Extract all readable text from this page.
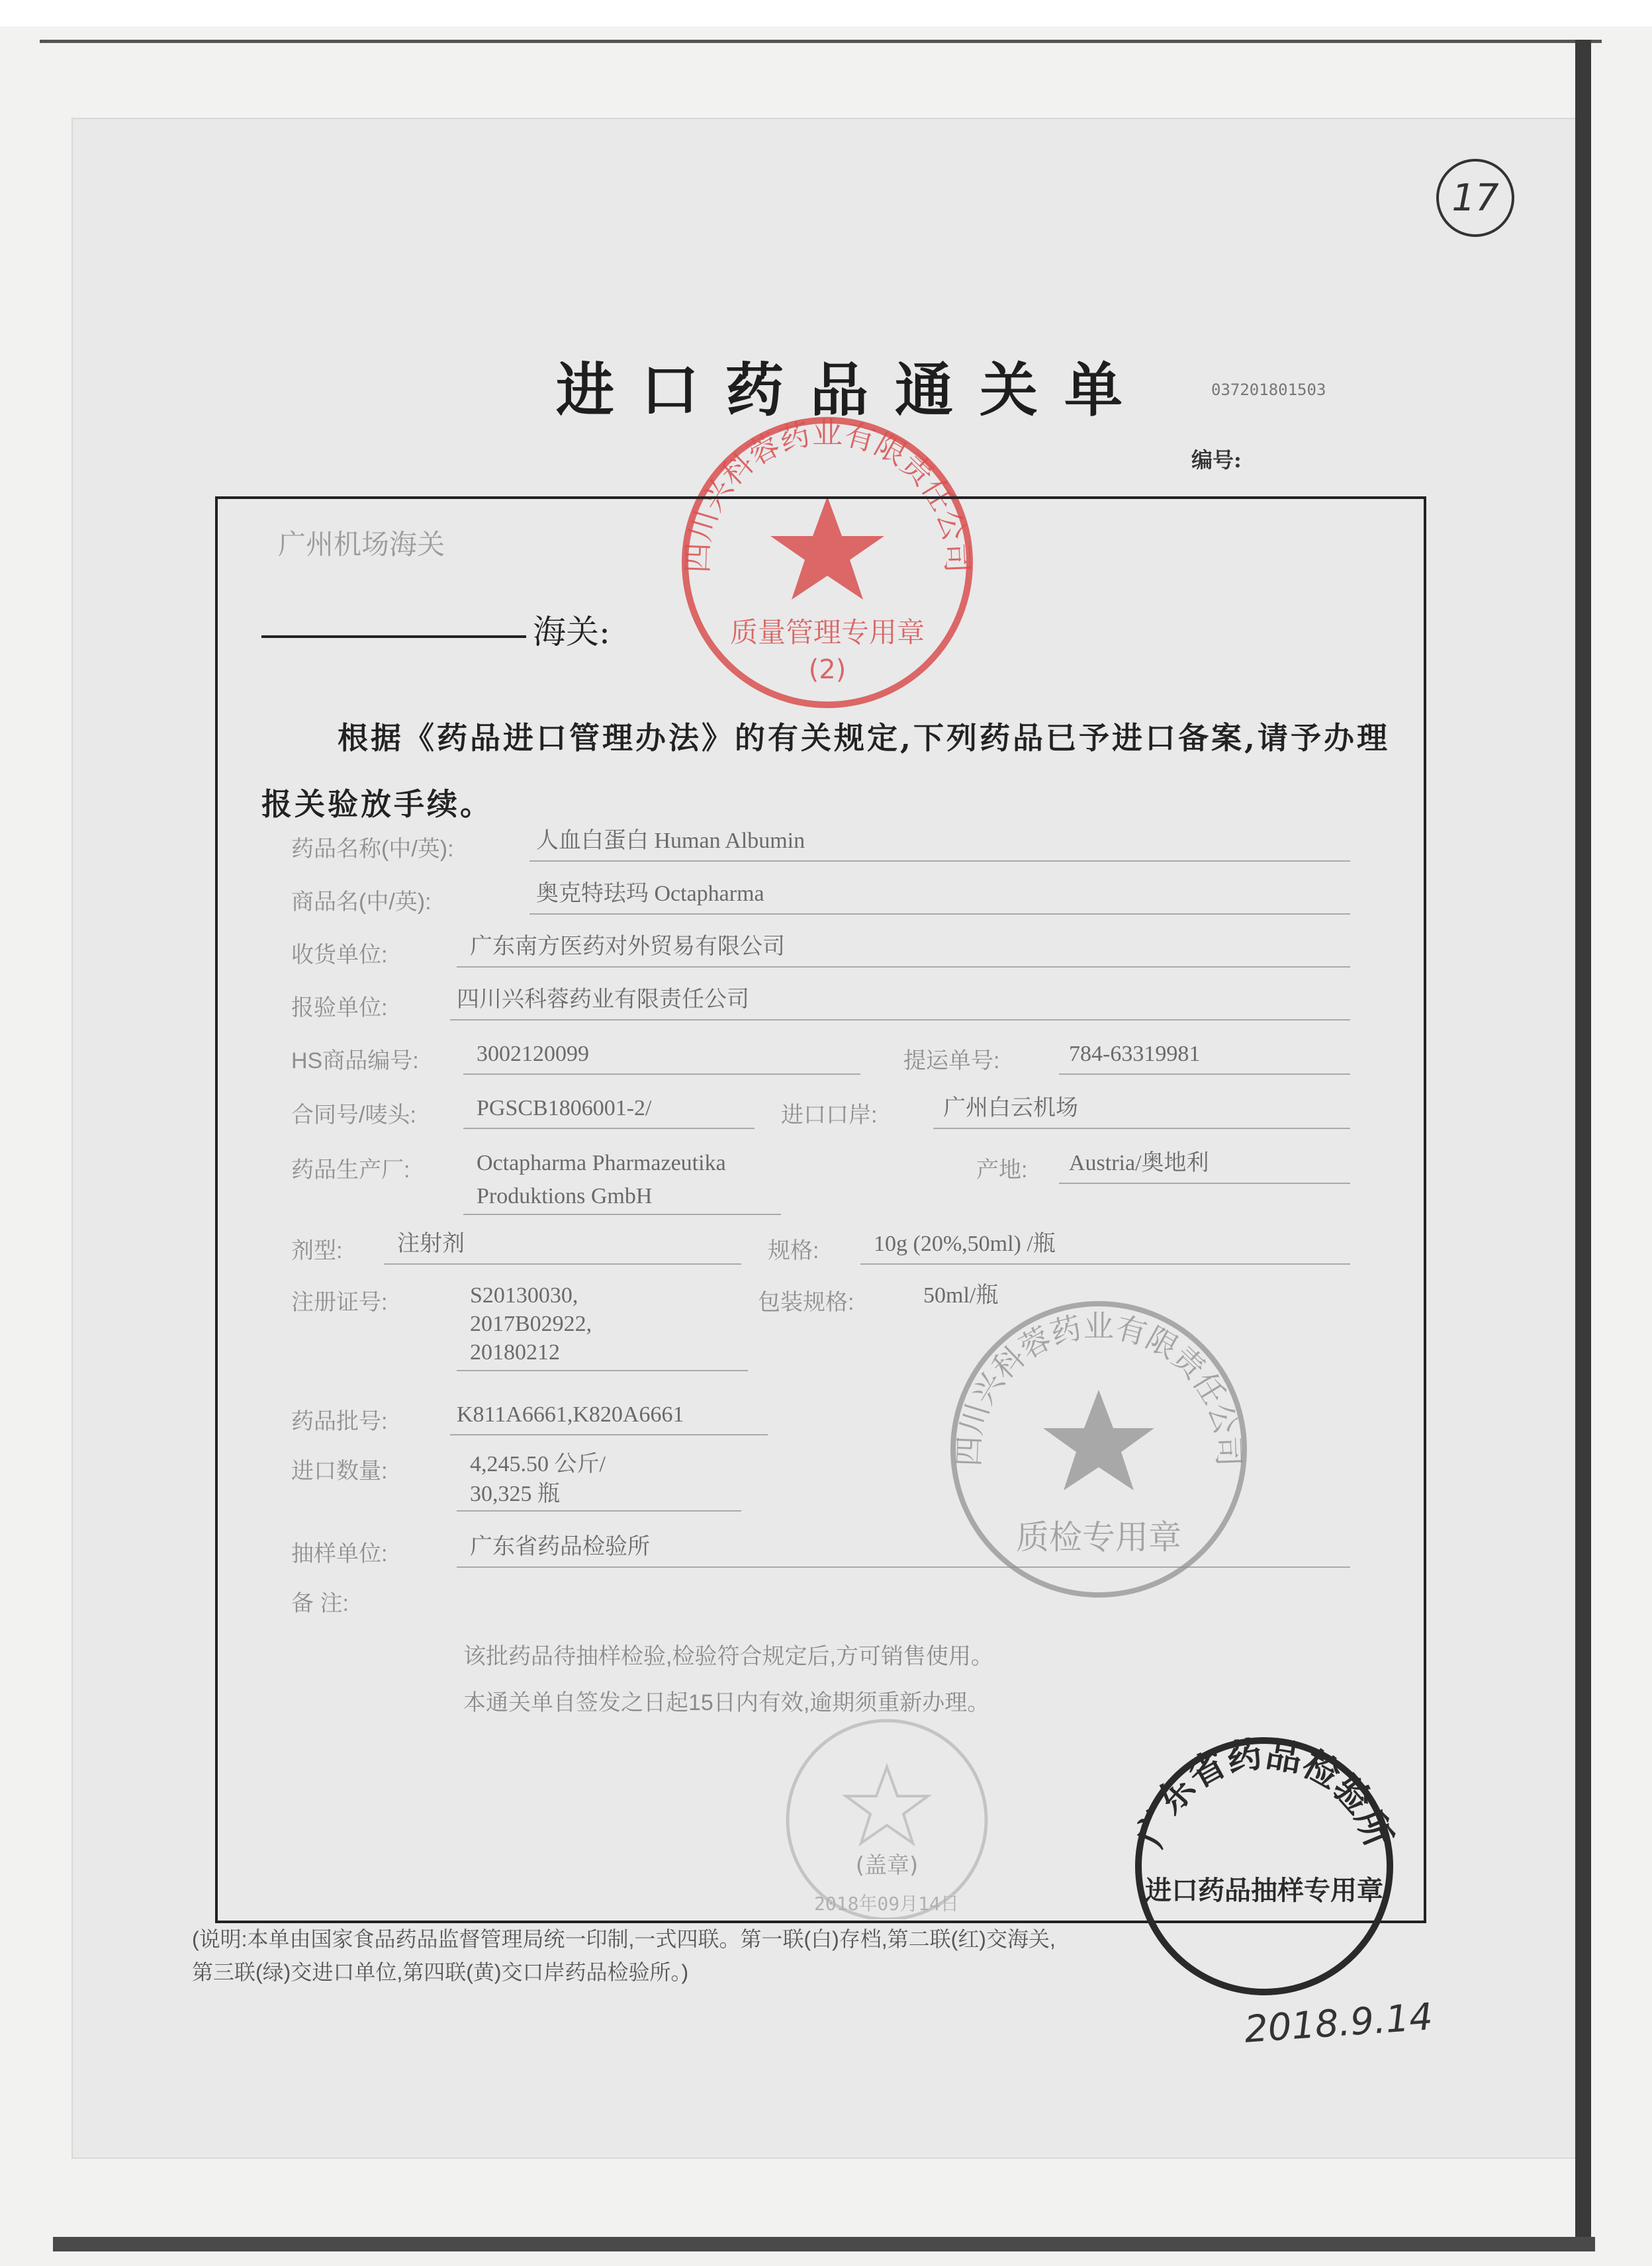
17
进口药品通关单	037201801503
编号:
四川兴科蓉药业有限责任公司
质量管理专用章
(2)
广州机场海关
海关:
根据《药品进口管理办法》的有关规定,下列药品已予进口备案,请予办理报关验放手续。
药品名称(中/英):	人血白蛋白 Human Albumin
商品名(中/英):	奥克特珐玛 Octapharma
收货单位:	广东南方医药对外贸易有限公司
报验单位:	四川兴科蓉药业有限责任公司
HS商品编号:	3002120099	提运单号:	784-63319981
合同号/唛头:	PGSCB1806001-2/	进口口岸:	广州白云机场
药品生产厂:	Octapharma Pharmazeutika
Produktions GmbH
产地: Austria/奥地利
剂型: 注射剂	规格: 10g (20%,50ml) /瓶
注册证号:	S20130030,
2017B02922,
20180212
包装规格:	50ml/瓶
药品批号:	K811A6661,K820A6661
进口数量:	4,245.50 公斤/
30,325 瓶
抽样单位:	广东省药品检验所
备 注:
四川兴科蓉药业有限责任公司
质检专用章
该批药品待抽样检验,检验符合规定后,方可销售使用。
本通关单自签发之日起15日内有效,逾期须重新办理。
(盖章)
2018年09月14日
广东省药品检验所
进口药品抽样专用章
(说明:本单由国家食品药品监督管理局统一印制,一式四联。第一联(白)存档,第二联(红)交海关,
第三联(绿)交进口单位,第四联(黄)交口岸药品检验所。)
2018.9.14
